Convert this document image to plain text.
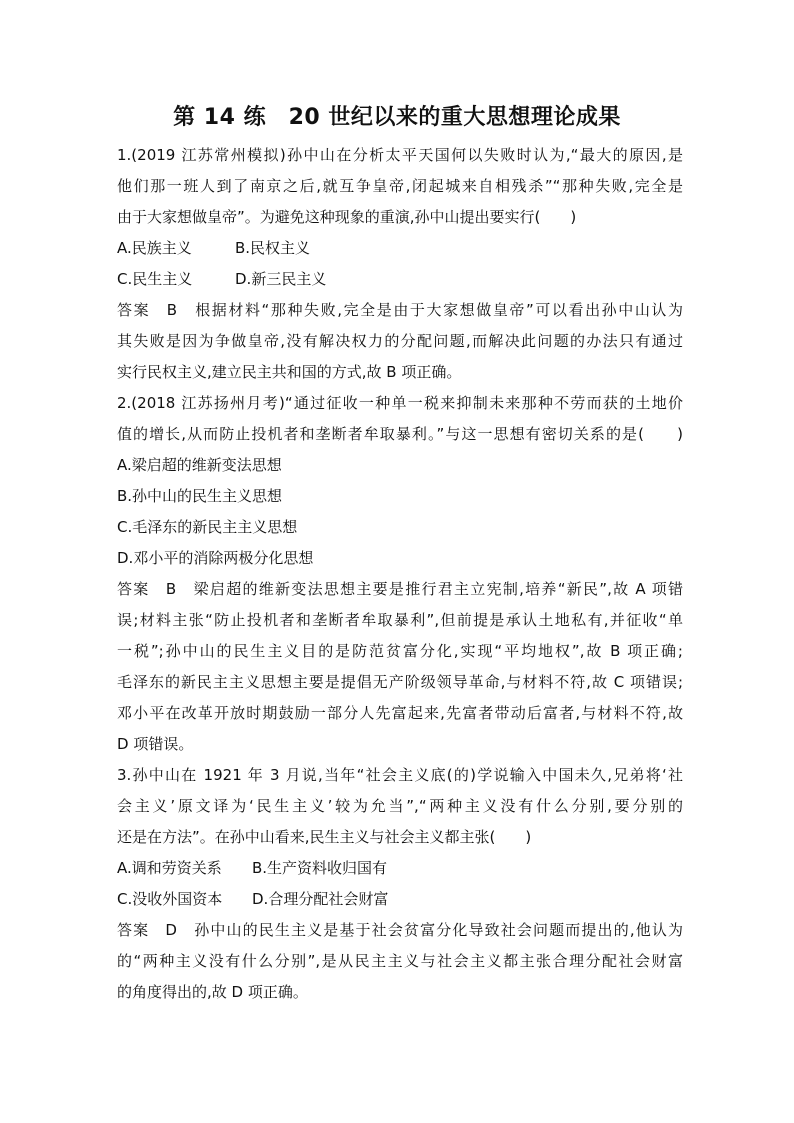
第 14 练　20 世纪以来的重大思想理论成果
1.(2019 江苏常州模拟)孙中山在分析太平天国何以失败时认为,“最大的原因,是
他们那一班人到了南京之后,就互争皇帝,闭起城来自相残杀”“那种失败,完全是
由于大家想做皇帝”。为避免这种现象的重演,孙中山提出要实行(　　)
A.民族主义	B.民权主义
C.民生主义	D.新三民主义
答案　B　根据材料“那种失败,完全是由于大家想做皇帝”可以看出孙中山认为
其失败是因为争做皇帝,没有解决权力的分配问题,而解决此问题的办法只有通过
实行民权主义,建立民主共和国的方式,故 B 项正确。
2.(2018 江苏扬州月考)“通过征收一种单一税来抑制未来那种不劳而获的土地价
值的增长,从而防止投机者和垄断者牟取暴利。”与这一思想有密切关系的是(　　)
A.梁启超的维新变法思想
B.孙中山的民生主义思想
C.毛泽东的新民主主义思想
D.邓小平的消除两极分化思想
答案　B　梁启超的维新变法思想主要是推行君主立宪制,培养“新民”,故 A 项错
误;材料主张“防止投机者和垄断者牟取暴利”,但前提是承认土地私有,并征收“单
一税”;孙中山的民生主义目的是防范贫富分化,实现“平均地权”,故 B 项正确;
毛泽东的新民主主义思想主要是提倡无产阶级领导革命,与材料不符,故 C 项错误;
邓小平在改革开放时期鼓励一部分人先富起来,先富者带动后富者,与材料不符,故
D 项错误。
3.孙中山在 1921 年 3 月说,当年“社会主义底(的)学说输入中国未久,兄弟将‘社
会主义’原文译为‘民生主义’较为允当”,“两种主义没有什么分别,要分别的
还是在方法”。在孙中山看来,民生主义与社会主义都主张(　　)
A.调和劳资关系	B.生产资料收归国有
C.没收外国资本	D.合理分配社会财富
答案　D　孙中山的民生主义是基于社会贫富分化导致社会问题而提出的,他认为
的“两种主义没有什么分别”,是从民主主义与社会主义都主张合理分配社会财富
的角度得出的,故 D 项正确。
